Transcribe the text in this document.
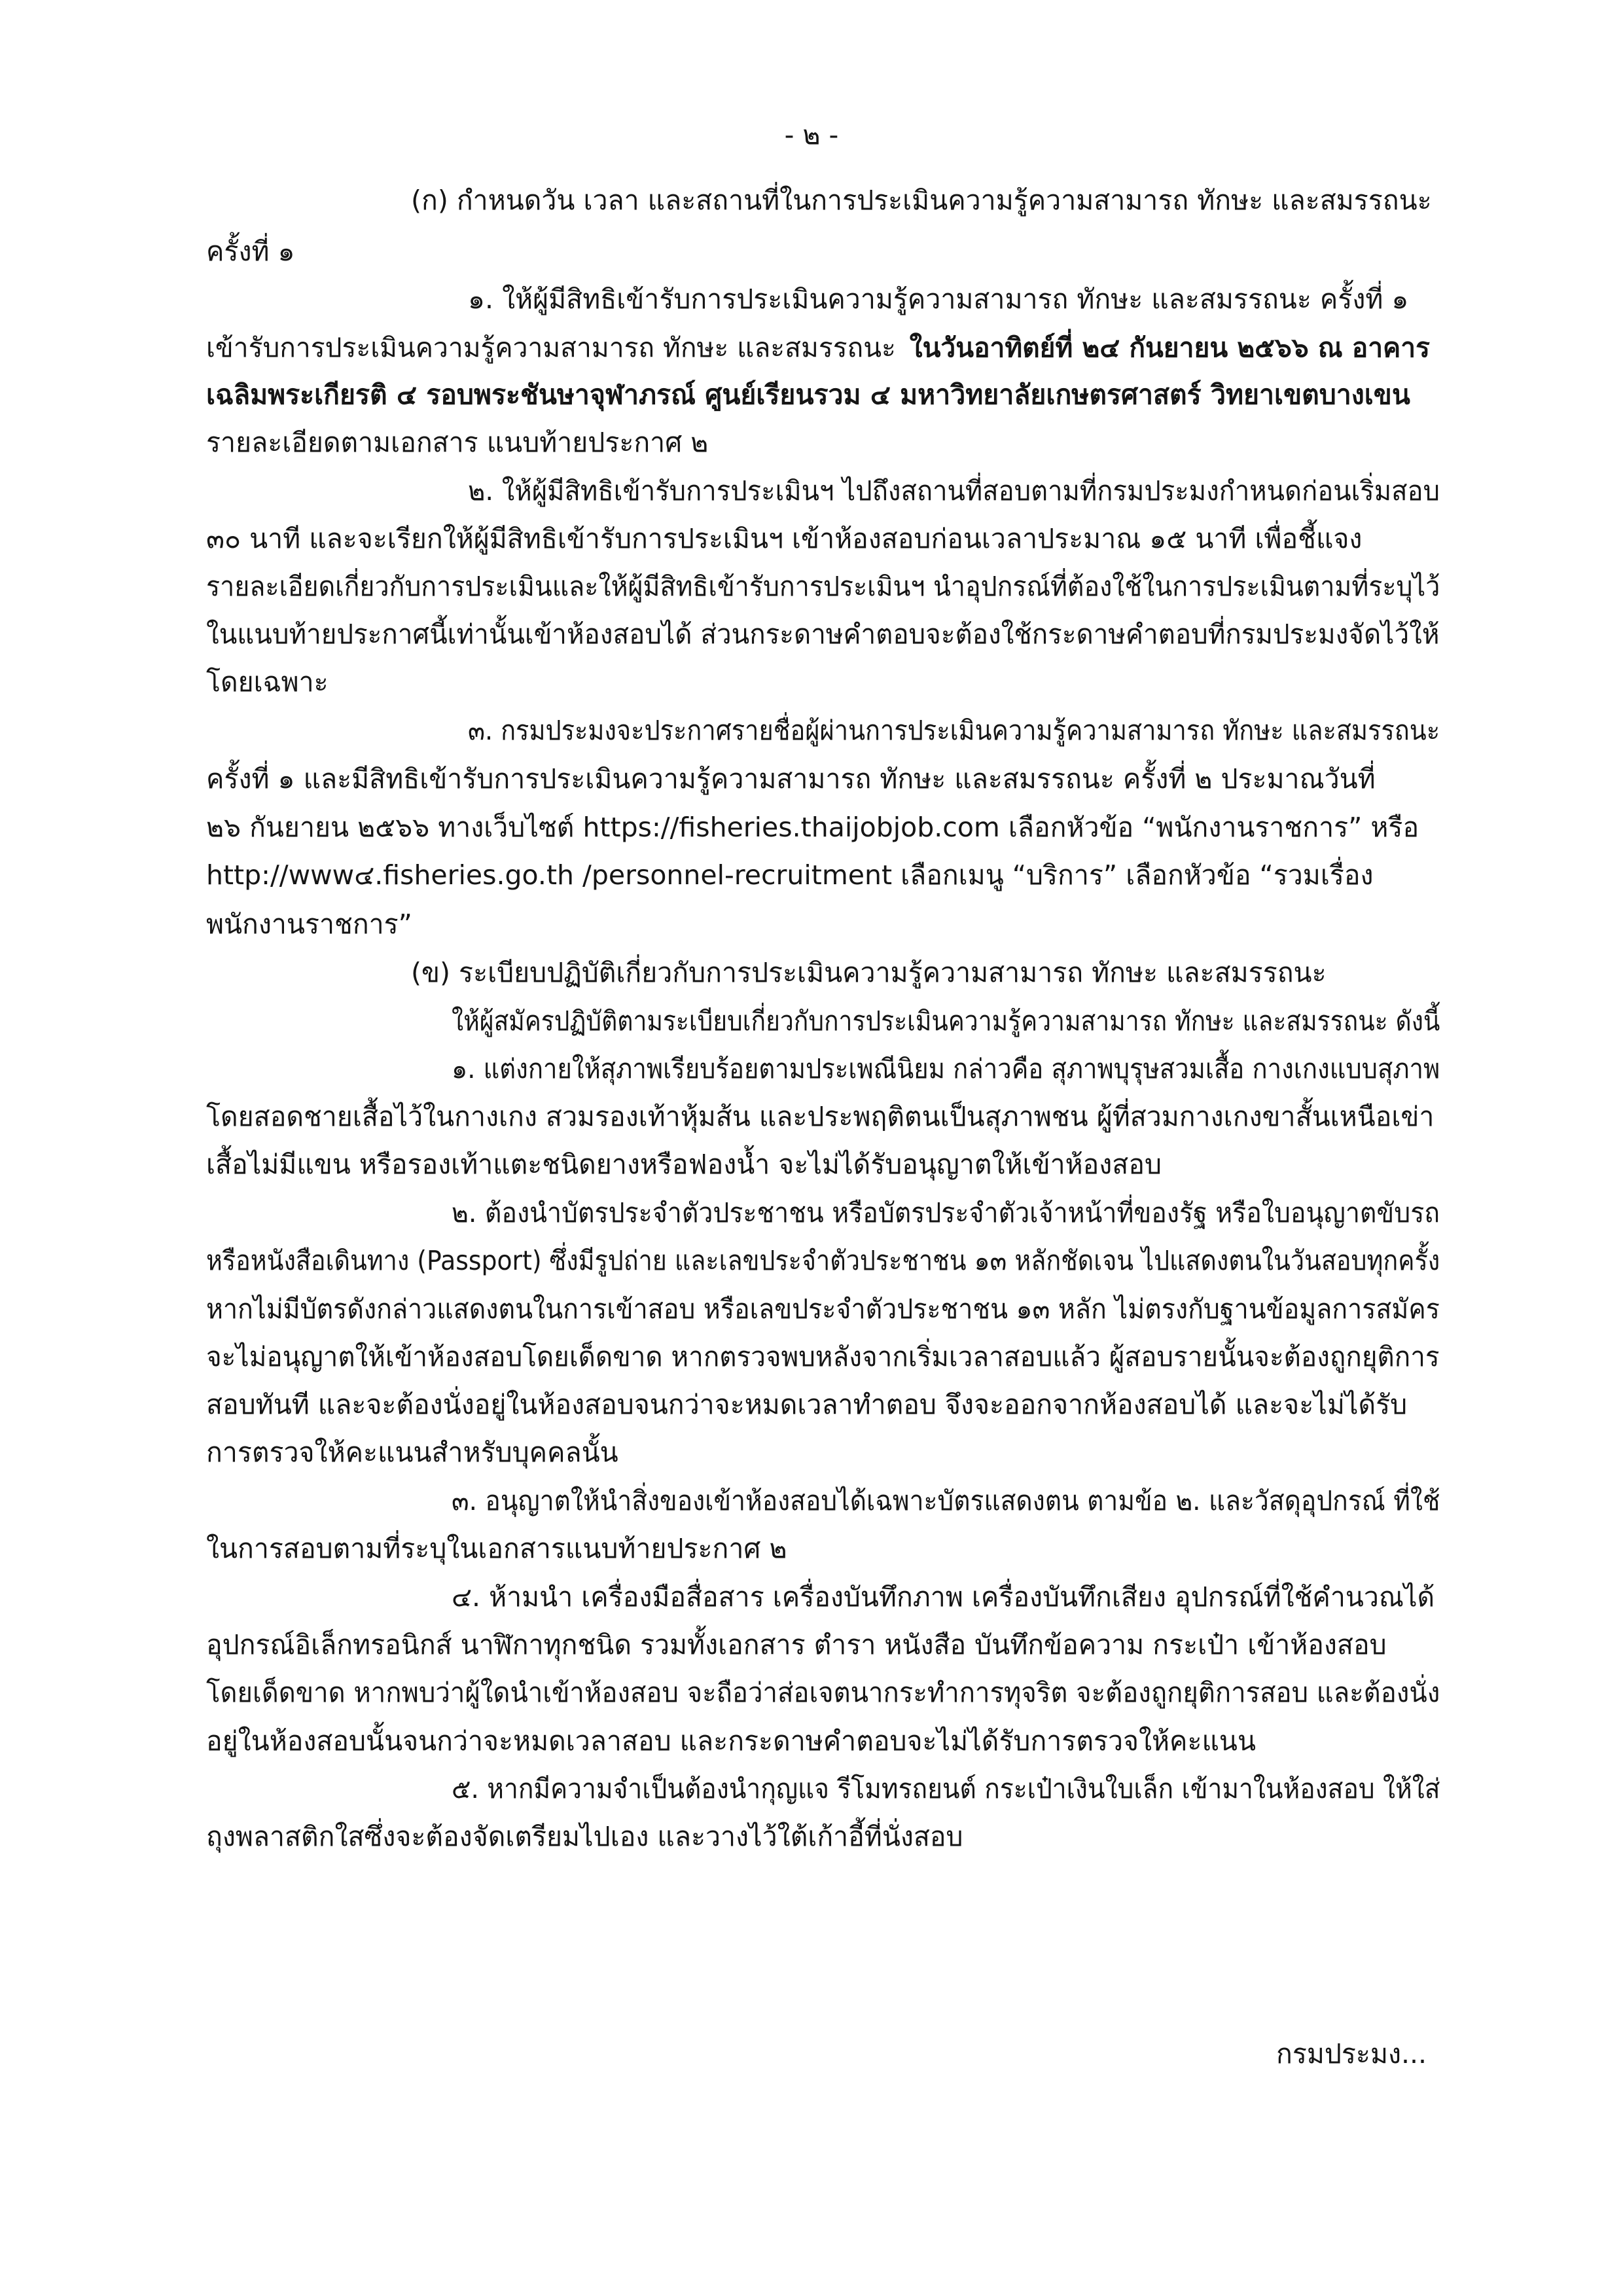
- ๒ -
(ก) กำหนดวัน เวลา และสถานที่ในการประเมินความรู้ความสามารถ ทักษะ และสมรรถนะ
ครั้งที่ ๑
๑. ให้ผู้มีสิทธิเข้ารับการประเมินความรู้ความสามารถ ทักษะ และสมรรถนะ ครั้งที่ ๑
เข้ารับการประเมินความรู้ความสามารถ ทักษะ และสมรรถนะ ในวันอาทิตย์ที่ ๒๔ กันยายน ๒๕๖๖ ณ อาคาร
เฉลิมพระเกียรติ ๔ รอบพระชันษาจุฬาภรณ์ ศูนย์เรียนรวม ๔ มหาวิทยาลัยเกษตรศาสตร์ วิทยาเขตบางเขน
รายละเอียดตามเอกสาร แนบท้ายประกาศ ๒
๒. ให้ผู้มีสิทธิเข้ารับการประเมินฯ ไปถึงสถานที่สอบตามที่กรมประมงกำหนดก่อนเริ่มสอบ
๓๐ นาที และจะเรียกให้ผู้มีสิทธิเข้ารับการประเมินฯ เข้าห้องสอบก่อนเวลาประมาณ ๑๕ นาที เพื่อชี้แจง
รายละเอียดเกี่ยวกับการประเมินและให้ผู้มีสิทธิเข้ารับการประเมินฯ นำอุปกรณ์ที่ต้องใช้ในการประเมินตามที่ระบุไว้
ในแนบท้ายประกาศนี้เท่านั้นเข้าห้องสอบได้ ส่วนกระดาษคำตอบจะต้องใช้กระดาษคำตอบที่กรมประมงจัดไว้ให้
โดยเฉพาะ
๓. กรมประมงจะประกาศรายชื่อผู้ผ่านการประเมินความรู้ความสามารถ ทักษะ และสมรรถนะ
ครั้งที่ ๑ และมีสิทธิเข้ารับการประเมินความรู้ความสามารถ ทักษะ และสมรรถนะ ครั้งที่ ๒ ประมาณวันที่
๒๖ กันยายน ๒๕๖๖ ทางเว็บไซต์ https://fisheries.thaijobjob.com เลือกหัวข้อ “พนักงานราชการ” หรือ
http://www๔.fisheries.go.th /personnel-recruitment เลือกเมนู “บริการ” เลือกหัวข้อ “รวมเรื่อง
พนักงานราชการ”
(ข) ระเบียบปฏิบัติเกี่ยวกับการประเมินความรู้ความสามารถ ทักษะ และสมรรถนะ
ให้ผู้สมัครปฏิบัติตามระเบียบเกี่ยวกับการประเมินความรู้ความสามารถ ทักษะ และสมรรถนะ ดังนี้
๑. แต่งกายให้สุภาพเรียบร้อยตามประเพณีนิยม กล่าวคือ สุภาพบุรุษสวมเสื้อ กางเกงแบบสุภาพ
โดยสอดชายเสื้อไว้ในกางเกง สวมรองเท้าหุ้มส้น และประพฤติตนเป็นสุภาพชน ผู้ที่สวมกางเกงขาสั้นเหนือเข่า
เสื้อไม่มีแขน หรือรองเท้าแตะชนิดยางหรือฟองน้ำ จะไม่ได้รับอนุญาตให้เข้าห้องสอบ
๒. ต้องนำบัตรประจำตัวประชาชน หรือบัตรประจำตัวเจ้าหน้าที่ของรัฐ หรือใบอนุญาตขับรถ
หรือหนังสือเดินทาง (Passport) ซึ่งมีรูปถ่าย และเลขประจำตัวประชาชน ๑๓ หลักชัดเจน ไปแสดงตนในวันสอบทุกครั้ง
หากไม่มีบัตรดังกล่าวแสดงตนในการเข้าสอบ หรือเลขประจำตัวประชาชน ๑๓ หลัก ไม่ตรงกับฐานข้อมูลการสมัคร
จะไม่อนุญาตให้เข้าห้องสอบโดยเด็ดขาด หากตรวจพบหลังจากเริ่มเวลาสอบแล้ว ผู้สอบรายนั้นจะต้องถูกยุติการ
สอบทันที และจะต้องนั่งอยู่ในห้องสอบจนกว่าจะหมดเวลาทำตอบ จึงจะออกจากห้องสอบได้ และจะไม่ได้รับ
การตรวจให้คะแนนสำหรับบุคคลนั้น
๓. อนุญาตให้นำสิ่งของเข้าห้องสอบได้เฉพาะบัตรแสดงตน ตามข้อ ๒. และวัสดุอุปกรณ์ ที่ใช้
ในการสอบตามที่ระบุในเอกสารแนบท้ายประกาศ ๒
๔. ห้ามนำ เครื่องมือสื่อสาร เครื่องบันทึกภาพ เครื่องบันทึกเสียง อุปกรณ์ที่ใช้คำนวณได้
อุปกรณ์อิเล็กทรอนิกส์ นาฬิกาทุกชนิด รวมทั้งเอกสาร ตำรา หนังสือ บันทึกข้อความ กระเป๋า เข้าห้องสอบ
โดยเด็ดขาด หากพบว่าผู้ใดนำเข้าห้องสอบ จะถือว่าส่อเจตนากระทำการทุจริต จะต้องถูกยุติการสอบ และต้องนั่ง
อยู่ในห้องสอบนั้นจนกว่าจะหมดเวลาสอบ และกระดาษคำตอบจะไม่ได้รับการตรวจให้คะแนน
๕. หากมีความจำเป็นต้องนำกุญแจ รีโมทรถยนต์ กระเป๋าเงินใบเล็ก เข้ามาในห้องสอบ ให้ใส่
ถุงพลาสติกใสซึ่งจะต้องจัดเตรียมไปเอง และวางไว้ใต้เก้าอี้ที่นั่งสอบ
กรมประมง...
